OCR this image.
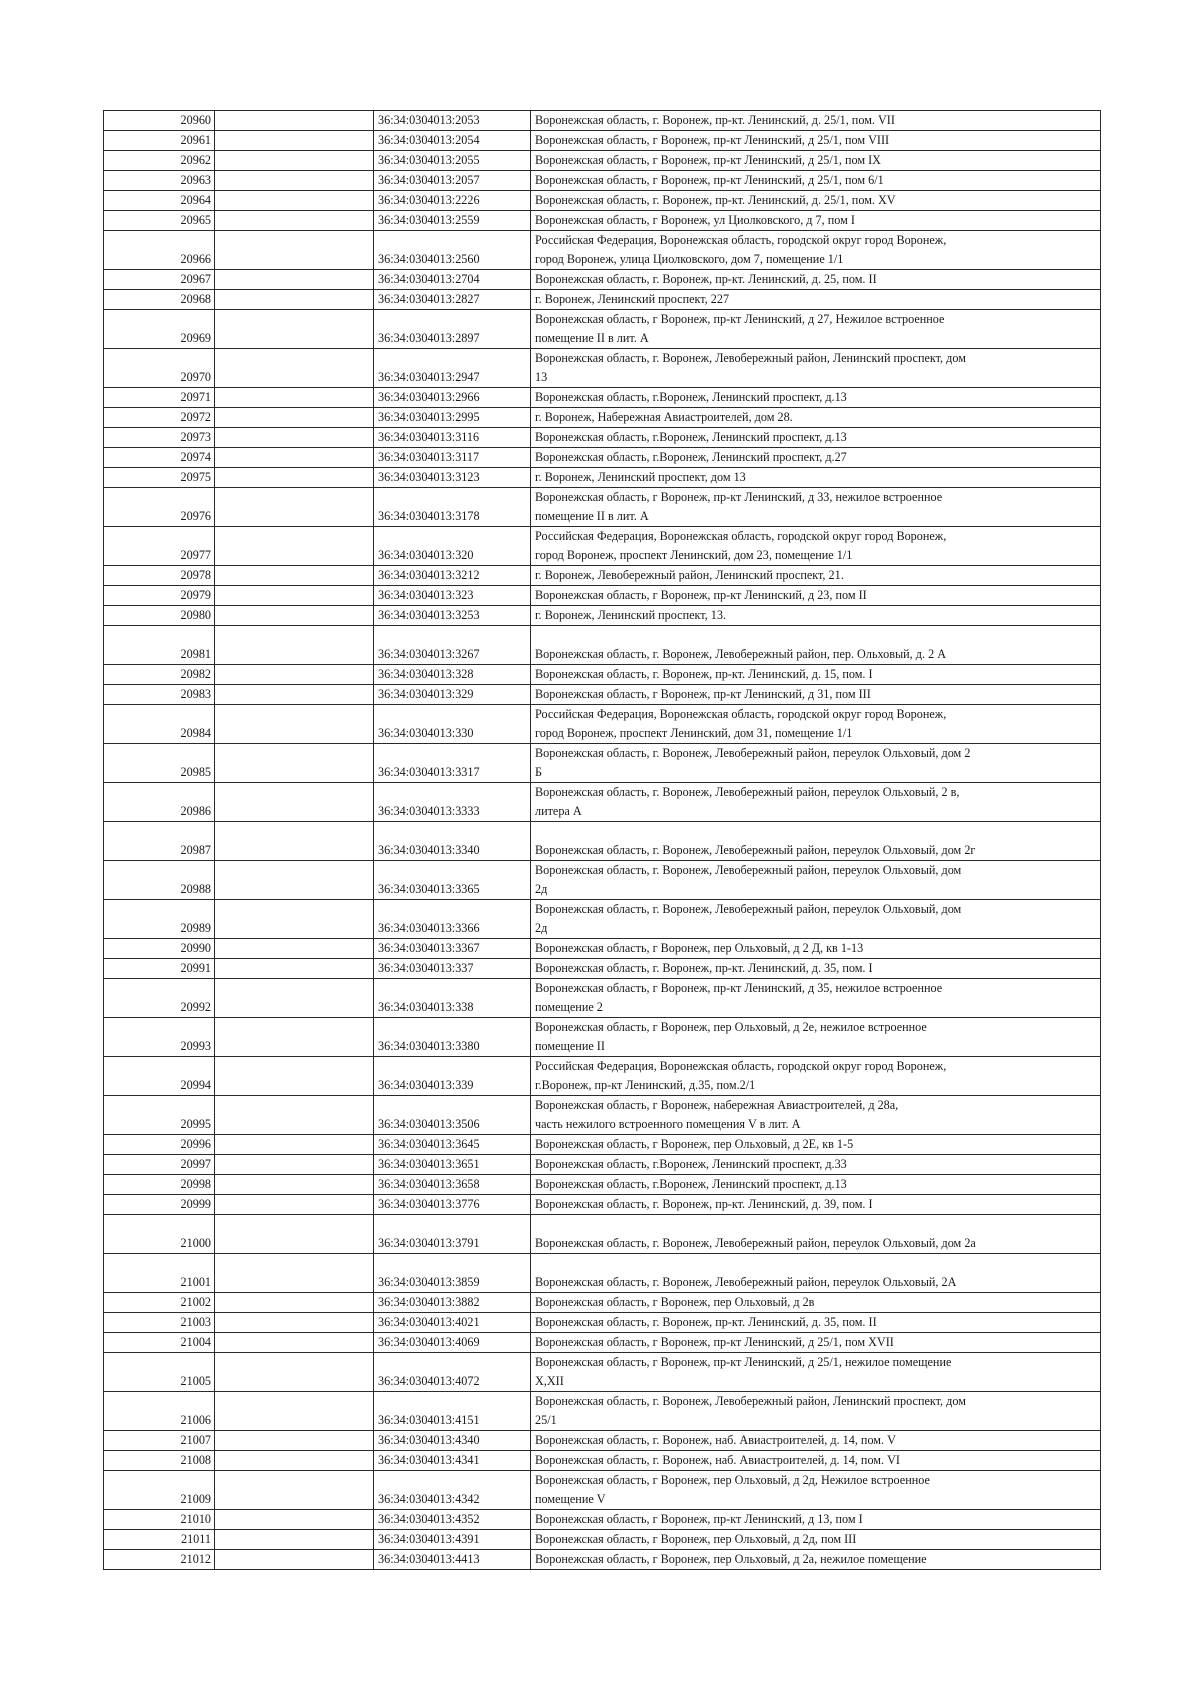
20960		36:34:0304013:2053	Воронежская область, г. Воронеж, пр-кт. Ленинский, д. 25/1, пом. VII

20961		36:34:0304013:2054	Воронежская область, г Воронеж, пр-кт Ленинский, д 25/1, пом VIII

20962		36:34:0304013:2055	Воронежская область, г Воронеж, пр-кт Ленинский, д 25/1, пом IX

20963		36:34:0304013:2057	Воронежская область, г Воронеж, пр-кт Ленинский, д 25/1, пом 6/1

20964		36:34:0304013:2226	Воронежская область, г. Воронеж, пр-кт. Ленинский, д. 25/1, пом. XV

20965		36:34:0304013:2559	Воронежская область, г Воронеж, ул Циолковского, д 7, пом I

20966		36:34:0304013:2560	Российская Федерация, Воронежская область, городской округ город Воронеж,
город Воронеж, улица Циолковского, дом 7, помещение 1/1

20967		36:34:0304013:2704	Воронежская область, г. Воронеж, пр-кт. Ленинский, д. 25, пом. II

20968		36:34:0304013:2827	г. Воронеж, Ленинский проспект, 227

20969		36:34:0304013:2897	Воронежская область, г Воронеж, пр-кт Ленинский, д 27, Нежилое встроенное
помещение II в лит. А

20970		36:34:0304013:2947	Воронежская область, г. Воронеж, Левобережный район, Ленинский проспект, дом
13

20971		36:34:0304013:2966	Воронежская область, г.Воронеж, Ленинский проспект, д.13

20972		36:34:0304013:2995	г. Воронеж, Набережная Авиастроителей, дом 28.

20973		36:34:0304013:3116	Воронежская область, г.Воронеж, Ленинский проспект, д.13

20974		36:34:0304013:3117	Воронежская область, г.Воронеж, Ленинский проспект, д.27

20975		36:34:0304013:3123	г. Воронеж, Ленинский проспект, дом 13

20976		36:34:0304013:3178	Воронежская область, г Воронеж, пр-кт Ленинский, д 33, нежилое встроенное
помещение II в лит. А

20977		36:34:0304013:320	Российская Федерация, Воронежская область, городской округ город Воронеж,
город Воронеж, проспект Ленинский, дом 23, помещение 1/1

20978		36:34:0304013:3212	г. Воронеж, Левобережный район, Ленинский проспект, 21.

20979		36:34:0304013:323	Воронежская область, г Воронеж, пр-кт Ленинский, д 23, пом II

20980		36:34:0304013:3253	г. Воронеж, Ленинский проспект, 13.

20981		36:34:0304013:3267	Воронежская область, г. Воронеж, Левобережный район, пер. Ольховый, д. 2 А

20982		36:34:0304013:328	Воронежская область, г. Воронеж, пр-кт. Ленинский, д. 15, пом. I

20983		36:34:0304013:329	Воронежская область, г Воронеж, пр-кт Ленинский, д 31, пом III

20984		36:34:0304013:330	Российская Федерация, Воронежская область, городской округ город Воронеж,
город Воронеж, проспект Ленинский, дом 31, помещение 1/1

20985		36:34:0304013:3317	Воронежская область, г. Воронеж, Левобережный район, переулок Ольховый, дом 2
Б

20986		36:34:0304013:3333	Воронежская область, г. Воронеж, Левобережный район, переулок Ольховый, 2 в,
литера А

20987		36:34:0304013:3340	Воронежская область, г. Воронеж, Левобережный район, переулок Ольховый, дом 2г

20988		36:34:0304013:3365	Воронежская область, г. Воронеж, Левобережный район, переулок Ольховый, дом
2д

20989		36:34:0304013:3366	Воронежская область, г. Воронеж, Левобережный район, переулок Ольховый, дом
2д

20990		36:34:0304013:3367	Воронежская область, г Воронеж, пер Ольховый, д 2 Д, кв 1-13

20991		36:34:0304013:337	Воронежская область, г. Воронеж, пр-кт. Ленинский, д. 35, пом. I

20992		36:34:0304013:338	Воронежская область, г Воронеж, пр-кт Ленинский, д 35, нежилое встроенное
помещение 2

20993		36:34:0304013:3380	Воронежская область, г Воронеж, пер Ольховый, д 2е, нежилое встроенное
помещение II

20994		36:34:0304013:339	Российская Федерация, Воронежская область, городской округ город Воронеж,
г.Воронеж, пр-кт Ленинский, д.35, пом.2/1

20995		36:34:0304013:3506	Воронежская область, г Воронеж, набережная Авиастроителей, д 28а,
часть нежилого встроенного помещения V в лит. А

20996		36:34:0304013:3645	Воронежская область, г Воронеж, пер Ольховый, д 2Е, кв 1-5

20997		36:34:0304013:3651	Воронежская область, г.Воронеж, Ленинский проспект, д.33

20998		36:34:0304013:3658	Воронежская область, г.Воронеж, Ленинский проспект, д.13

20999		36:34:0304013:3776	Воронежская область, г. Воронеж, пр-кт. Ленинский, д. 39, пом. I

21000		36:34:0304013:3791	Воронежская область, г. Воронеж, Левобережный район, переулок Ольховый, дом 2а

21001		36:34:0304013:3859	Воронежская область, г. Воронеж, Левобережный район, переулок Ольховый, 2А

21002		36:34:0304013:3882	Воронежская область, г Воронеж, пер Ольховый, д 2в

21003		36:34:0304013:4021	Воронежская область, г. Воронеж, пр-кт. Ленинский, д. 35, пом. II

21004		36:34:0304013:4069	Воронежская область, г Воронеж, пр-кт Ленинский, д 25/1, пом XVII

21005		36:34:0304013:4072	Воронежская область, г Воронеж, пр-кт Ленинский, д 25/1, нежилое помещение
X,XII

21006		36:34:0304013:4151	Воронежская область, г. Воронеж, Левобережный район, Ленинский проспект, дом
25/1

21007		36:34:0304013:4340	Воронежская область, г. Воронеж, наб. Авиастроителей, д. 14, пом. V

21008		36:34:0304013:4341	Воронежская область, г. Воронеж, наб. Авиастроителей, д. 14, пом. VI

21009		36:34:0304013:4342	Воронежская область, г Воронеж, пер Ольховый, д 2д, Нежилое встроенное
помещение V

21010		36:34:0304013:4352	Воронежская область, г Воронеж, пр-кт Ленинский, д 13, пом I

21011		36:34:0304013:4391	Воронежская область, г Воронеж, пер Ольховый, д 2д, пом III

21012		36:34:0304013:4413	Воронежская область, г Воронеж, пер Ольховый, д 2а, нежилое помещение
